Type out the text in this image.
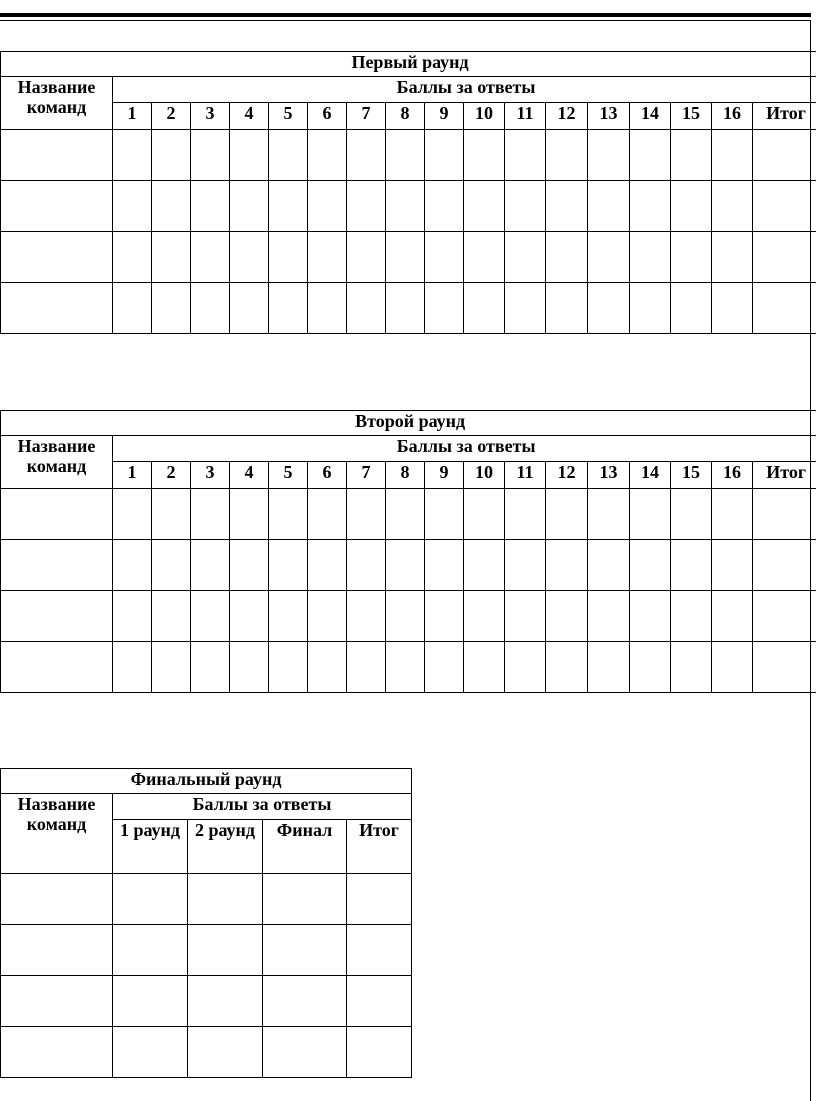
Первый раунд																	
Название команд	Баллы за ответы																
	1	2	3	4	5	6	7	8	9	10	11	12	13	14	15	16	Итог

Второй раунд																	
Название команд	Баллы за ответы																
	1	2	3	4	5	6	7	8	9	10	11	12	13	14	15	16	Итог

Финальный раунд				
Название команд	Баллы за ответы			
	1 раунд	2 раунд	Финал	Итог
